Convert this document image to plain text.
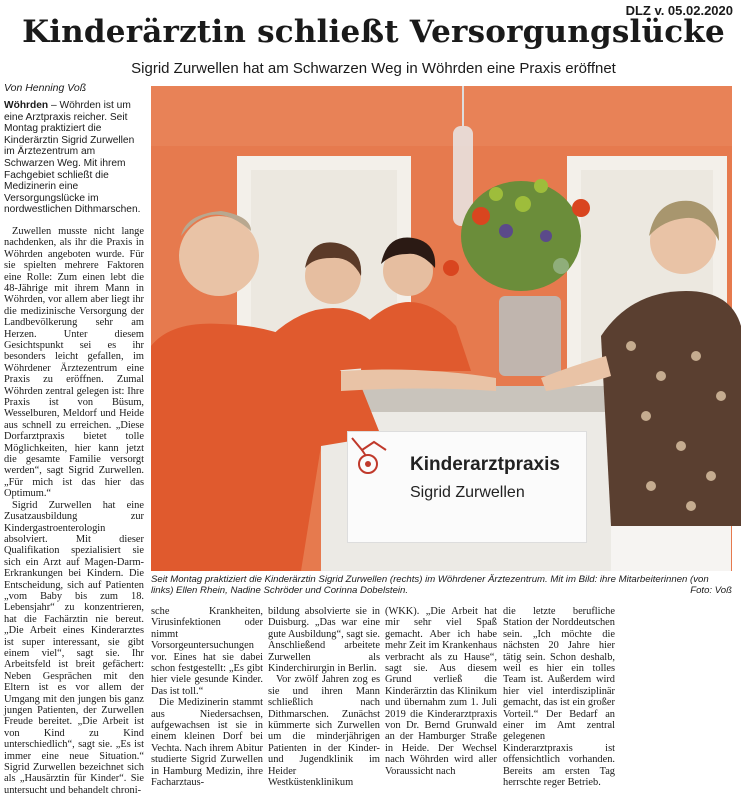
DLZ v. 05.02.2020
Kinderärztin schließt Versorgungslücke
Sigrid Zurwellen hat am Schwarzen Weg in Wöhrden eine Praxis eröffnet
Von Henning Voß
Wöhrden – Wöhrden ist um eine Arztpraxis reicher. Seit Montag praktiziert die Kinderärztin Sigrid Zurwellen im Ärztezentrum am Schwarzen Weg. Mit ihrem Fachgebiet schließt die Medizinerin eine Versorgungslücke im nordwestlichen Dithmarschen.

Zuwellen musste nicht lange nachdenken, als ihr die Praxis in Wöhrden angeboten wurde. Für sie spielten mehrere Faktoren eine Rolle: Zum einen lebt die 48-Jährige mit ihrem Mann in Wöhrden, vor allem aber liegt ihr die medizinische Versorgung der Landbevölkerung sehr am Herzen. Unter diesem Gesichtspunkt sei es ihr besonders leicht gefallen, im Wöhrdener Ärztezentrum eine Praxis zu eröffnen. Zumal Wöhrden zentral gelegen ist: Ihre Praxis ist von Büsum, Wesselburen, Meldorf und Heide aus schnell zu erreichen. „Diese Dorfarztpraxis bietet tolle Möglichkeiten, hier kann jetzt die gesamte Familie versorgt werden“, sagt Sigrid Zurwellen. „Für mich ist das hier das Optimum.“

Sigrid Zurwellen hat eine Zusatzausbildung zur Kindergastroenterologin absolviert. Mit dieser Qualifikation spezialisiert sie sich ein Arzt auf Magen-Darm-Erkrankungen bei Kindern. Die Entscheidung, sich auf Patienten „vom Baby bis zum 18. Lebensjahr“ zu konzentrieren, hat die Fachärztin nie bereut. „Die Arbeit eines Kinderarztes ist super interessant, sie gibt einem viel“, sagt sie. Ihr Arbeitsfeld ist breit gefächert: Neben Gesprächen mit den Eltern ist es vor allem der Umgang mit den jungen bis ganz jungen Patienten, der Zurwellen Freude bereitet. „Die Arbeit ist von Kind zu Kind unterschiedlich“, sagt sie. „Es ist immer eine neue Situation.“ Sigrid Zurwellen bezeichnet sich als „Hausärztin für Kinder“. Sie untersucht und behandelt chroni-

Kinderarztpraxis
Sigrid Zurwellen
Seit Montag praktiziert die Kinderärztin Sigrid Zurwellen (rechts) im Wöhrdener Ärztezentrum. Mit im Bild: ihre Mitarbeiterinnen (von links) Ellen Rhein, Nadine Schröder und Corinna Dobelstein.	Foto: Voß

sche Krankheiten, Virusinfektionen oder nimmt Vorsorgeuntersuchungen vor. Eines hat sie dabei schon festgestellt: „Es gibt hier viele gesunde Kinder. Das ist toll.“

Die Medizinerin stammt aus Niedersachsen, aufgewachsen ist sie in einem kleinen Dorf bei Vechta. Nach ihrem Abitur studierte Sigrid Zurwellen in Hamburg Medizin, ihre Facharztaus-

bildung absolvierte sie in Duisburg. „Das war eine gute Ausbildung“, sagt sie. Anschließend arbeitete Zurwellen als Kinderchirurgin in Berlin.

Vor zwölf Jahren zog es sie und ihren Mann schließlich nach Dithmarschen. Zunächst kümmerte sich Zurwellen um die minderjährigen Patienten in der Kinder- und Jugendklinik im Heider Westküstenklinikum

(WKK). „Die Arbeit hat mir sehr viel Spaß gemacht. Aber ich habe mehr Zeit im Krankenhaus verbracht als zu Hause“, sagt sie. Aus diesem Grund verließ die Kinderärztin das Klinikum und übernahm zum 1. Juli 2019 die Kinderarztpraxis von Dr. Bernd Grunwald an der Hamburger Straße in Heide. Der Wechsel nach Wöhrden wird aller Voraussicht nach

die letzte berufliche Station der Norddeutschen sein. „Ich möchte die nächsten 20 Jahre hier tätig sein. Schon deshalb, weil es hier ein tolles Team ist. Außerdem wird hier viel interdisziplinär gemacht, das ist ein großer Vorteil.“ Der Bedarf an einer im Amt zentral gelegenen Kinderarztpraxis ist offensichtlich vorhanden. Bereits am ersten Tag herrschte reger Betrieb.
